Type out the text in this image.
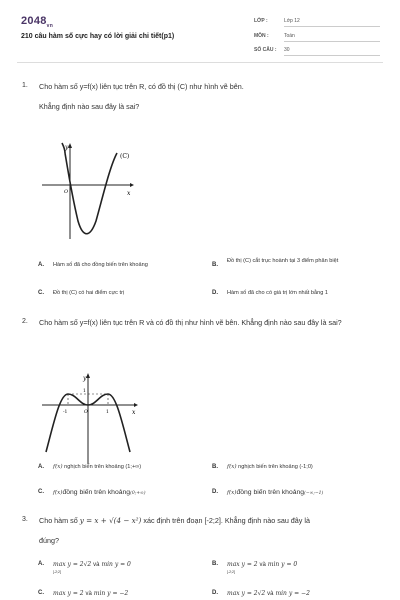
$2048_{vn}$
210 câu hàm số cực hay có lời giải chi tiết(p1)
LỚP :	Lớp 12
MÔN :	Toán
SỐ CÂU :	30
1. Cho hàm số y=f(x) liên tục trên R, có đồ thị (C) như hình vẽ bên.
Khẳng định nào sau đây là sai?
(C)
y
x
O
A. Hàm số đã cho đồng biến trên khoảng	B.
Đồ thị (C) cắt trục hoành tại 3 điểm phân biệt
C. Đồ thị (C) có hai điểm cực trị	D. Hàm số đã cho có giá trị lớn nhất bằng 1
2. Cho hàm số y=f(x) liên tục trên R và có đồ thị như hình vẽ bên. Khẳng định nào sau đây là sai?
y
x
O
-1	1
1
A. f(x) nghịch biến trên khoảng (1;+∞)	B. f(x) nghịch biến trên khoảng (-1;0)
C. f(x)đồng biến trên khoảng(0;+∞)	D. f(x)đồng biến trên khoảng(−∞;−1)
3. Cho hàm số y = x + √(4 − x²) xác định trên đoạn [-2;2]. Khẳng định nào sau đây là
đúng?
A. max y = 2√2 và min y = 0
[-2;2]
B. max y = 2 và min y = 0
[-2;2]
C. max y = 2 và min y = −2	D. max y = 2√2 và min y = −2
